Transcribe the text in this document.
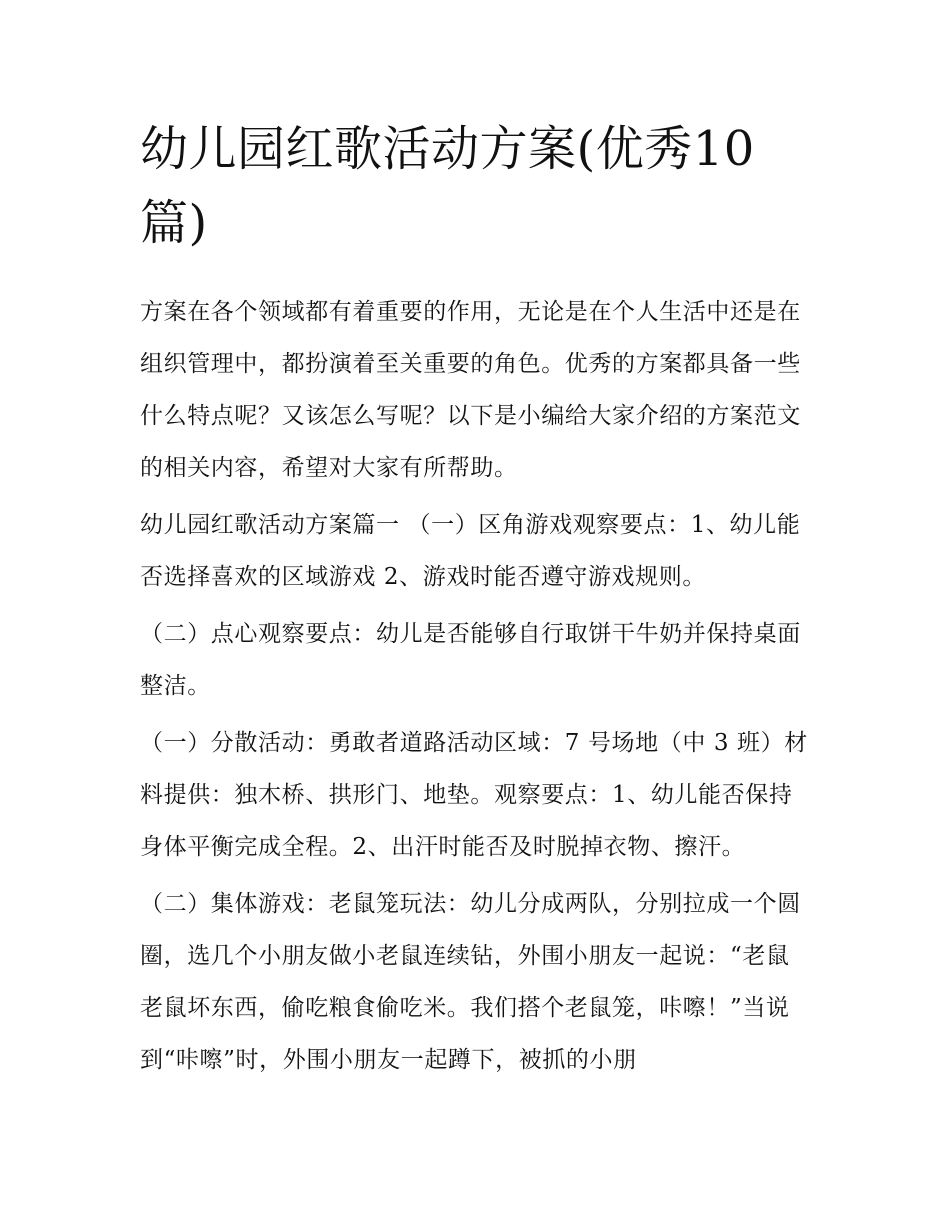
幼儿园红歌活动方案(优秀10篇)

方案在各个领域都有着重要的作用，无论是在个人生活中还是在组织管理中，都扮演着至关重要的角色。优秀的方案都具备一些什么特点呢？又该怎么写呢？以下是小编给大家介绍的方案范文的相关内容，希望对大家有所帮助。

幼儿园红歌活动方案篇一 （一）区角游戏观察要点：1、幼儿能否选择喜欢的区域游戏 2、游戏时能否遵守游戏规则。

（二）点心观察要点：幼儿是否能够自行取饼干牛奶并保持桌面整洁。

（一）分散活动：勇敢者道路活动区域：7 号场地（中 3 班）材料提供：独木桥、拱形门、地垫。观察要点：1、幼儿能否保持身体平衡完成全程。2、出汗时能否及时脱掉衣物、擦汗。

（二）集体游戏：老鼠笼玩法：幼儿分成两队，分别拉成一个圆圈，选几个小朋友做小老鼠连续钻，外围小朋友一起说：“老鼠老鼠坏东西，偷吃粮食偷吃米。我们搭个老鼠笼，咔嚓！”当说到“咔嚓”时，外围小朋友一起蹲下，被抓的小朋
